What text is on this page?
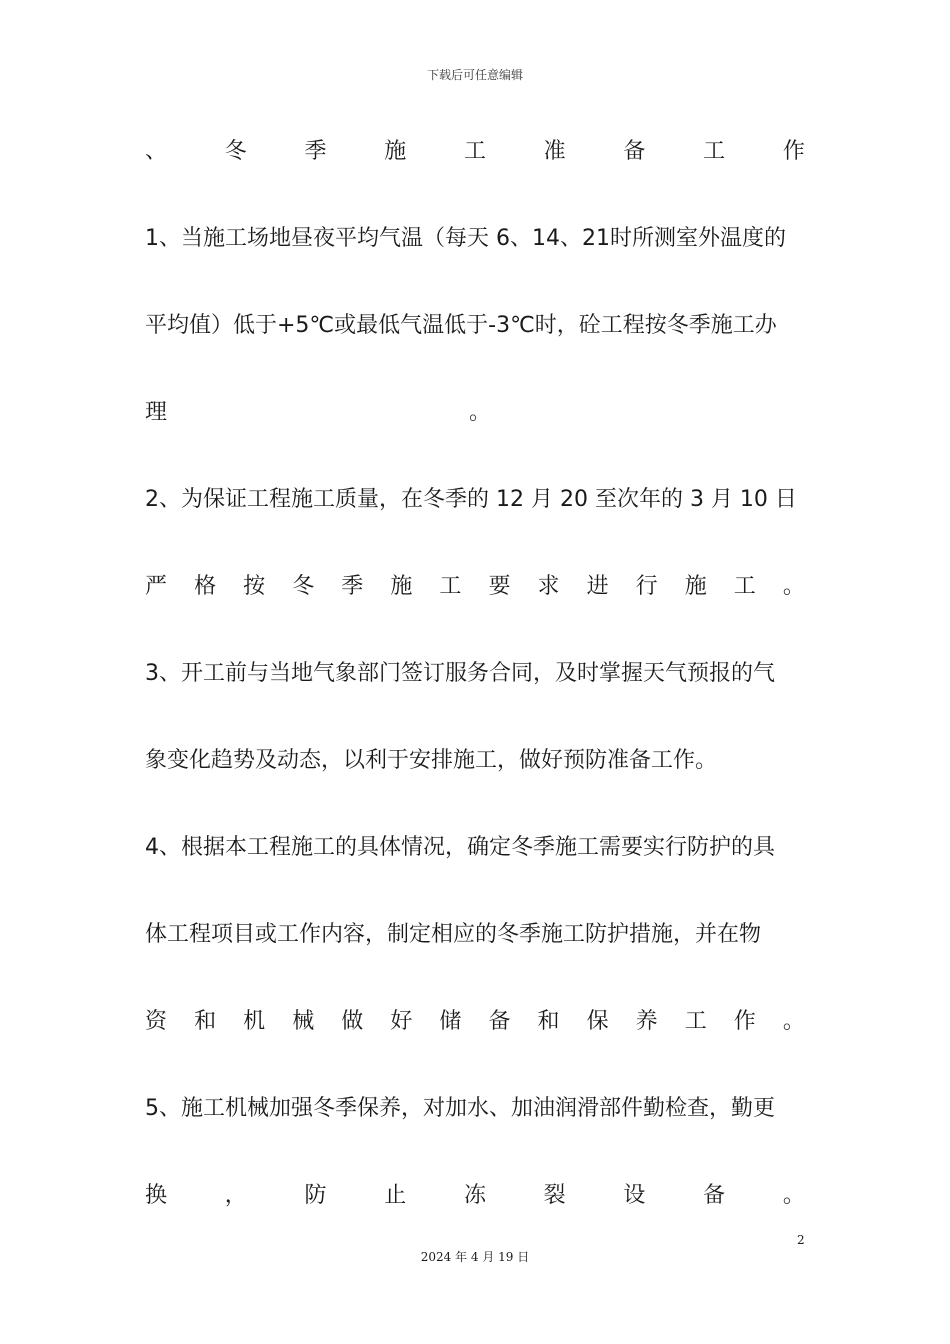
下载后可任意编辑
、	冬	季	施	工	准	备	工	作
1、当施工场地昼夜平均气温（每天 6、14、21时所测室外温度的
平均值）低于+5℃或最低气温低于-3℃时，砼工程按冬季施工办
理	。
2、为保证工程施工质量，在冬季的 12 月 20 至次年的 3 月 10 日
严 格 按 冬 季 施 工 要 求 进 行 施 工 。
3、开工前与当地气象部门签订服务合同，及时掌握天气预报的气
象变化趋势及动态，以利于安排施工，做好预防准备工作。
4、根据本工程施工的具体情况，确定冬季施工需要实行防护的具
体工程项目或工作内容，制定相应的冬季施工防护措施，并在物
资 和 机 械 做 好 储 备 和 保 养 工 作 。
5、施工机械加强冬季保养，对加水、加油润滑部件勤检查，勤更
换	，	防	止	冻	裂	设	备	。
2
2024 年 4 月 19 日
